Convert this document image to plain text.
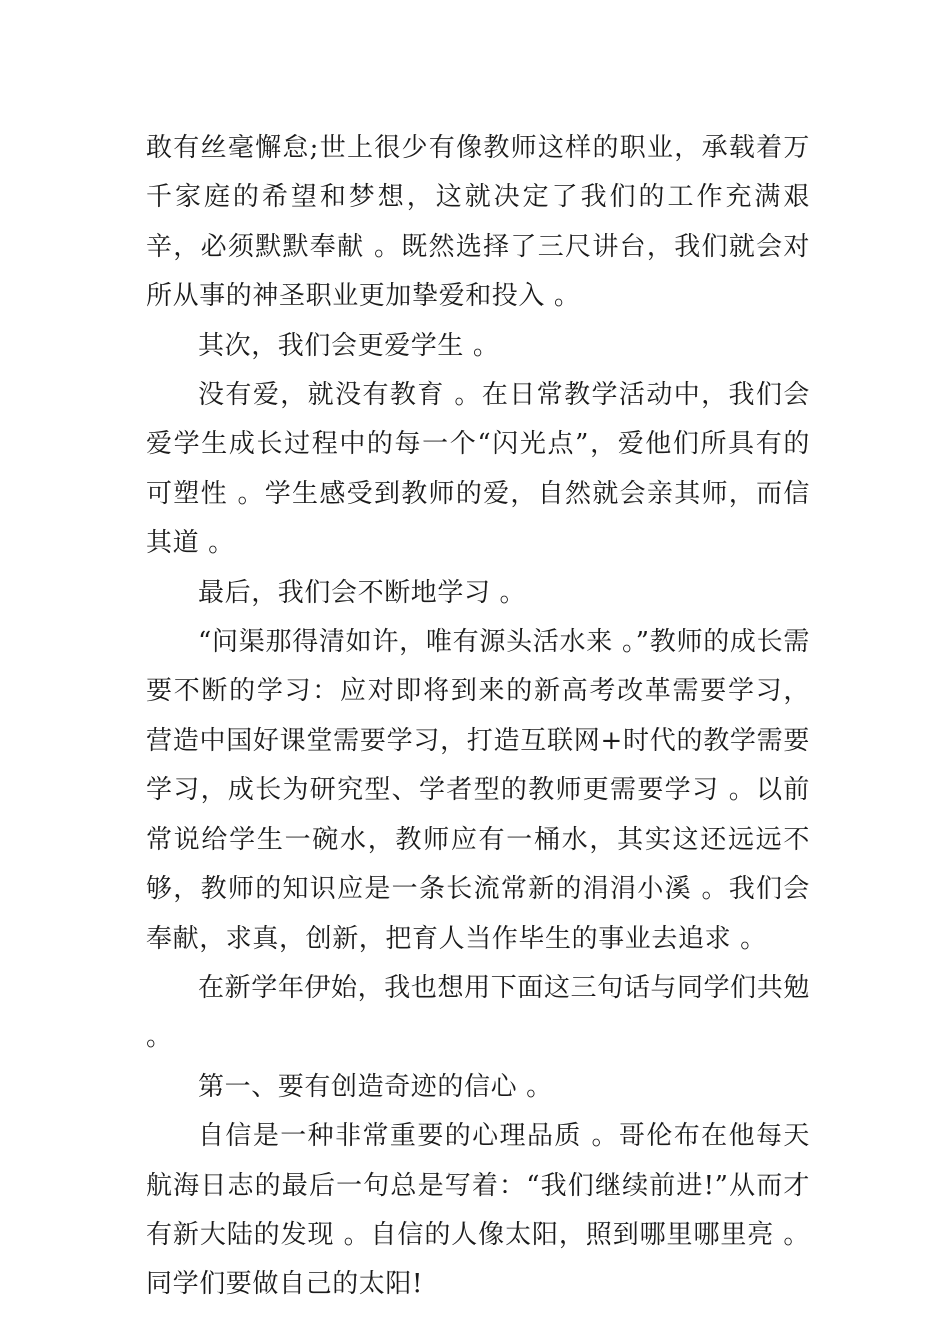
敢有丝毫懈怠;世上很少有像教师这样的职业，承载着万千家庭的希望和梦想，这就决定了我们的工作充满艰辛，必须默默奉献 。既然选择了三尺讲台，我们就会对所从事的神圣职业更加挚爱和投入 。

其次，我们会更爱学生 。

没有爱，就没有教育 。在日常教学活动中，我们会爱学生成长过程中的每一个“闪光点”，爱他们所具有的可塑性 。学生感受到教师的爱，自然就会亲其师，而信其道 。

最后，我们会不断地学习 。

“问渠那得清如许，唯有源头活水来 。”教师的成长需要不断的学习：应对即将到来的新高考改革需要学习，营造中国好课堂需要学习，打造互联网+时代的教学需要学习，成长为研究型、学者型的教师更需要学习 。以前常说给学生一碗水，教师应有一桶水，其实这还远远不够，教师的知识应是一条长流常新的涓涓小溪 。我们会奉献，求真，创新，把育人当作毕生的事业去追求 。

在新学年伊始，我也想用下面这三句话与同学们共勉 。

第一、要有创造奇迹的信心 。

自信是一种非常重要的心理品质 。哥伦布在他每天航海日志的最后一句总是写着：“我们继续前进!”从而才有新大陆的发现 。自信的人像太阳，照到哪里哪里亮 。同学们要做自己的太阳!
